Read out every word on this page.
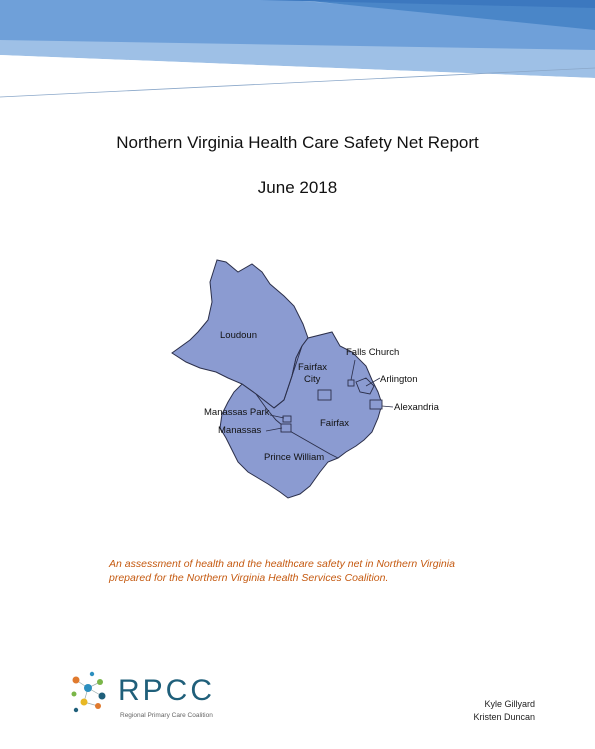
Northern Virginia Health Care Safety Net Report
June 2018
Loudoun
Falls Church
Fairfax
City	Arlington
Alexandria
Manassas Park
Manassas
Fairfax
Prince William
An assessment of health and the healthcare safety net in Northern Virginia
prepared for the Northern Virginia Health Services Coalition.
RPCC
Regional Primary Care Coalition
Kyle Gillyard
Kristen Duncan
